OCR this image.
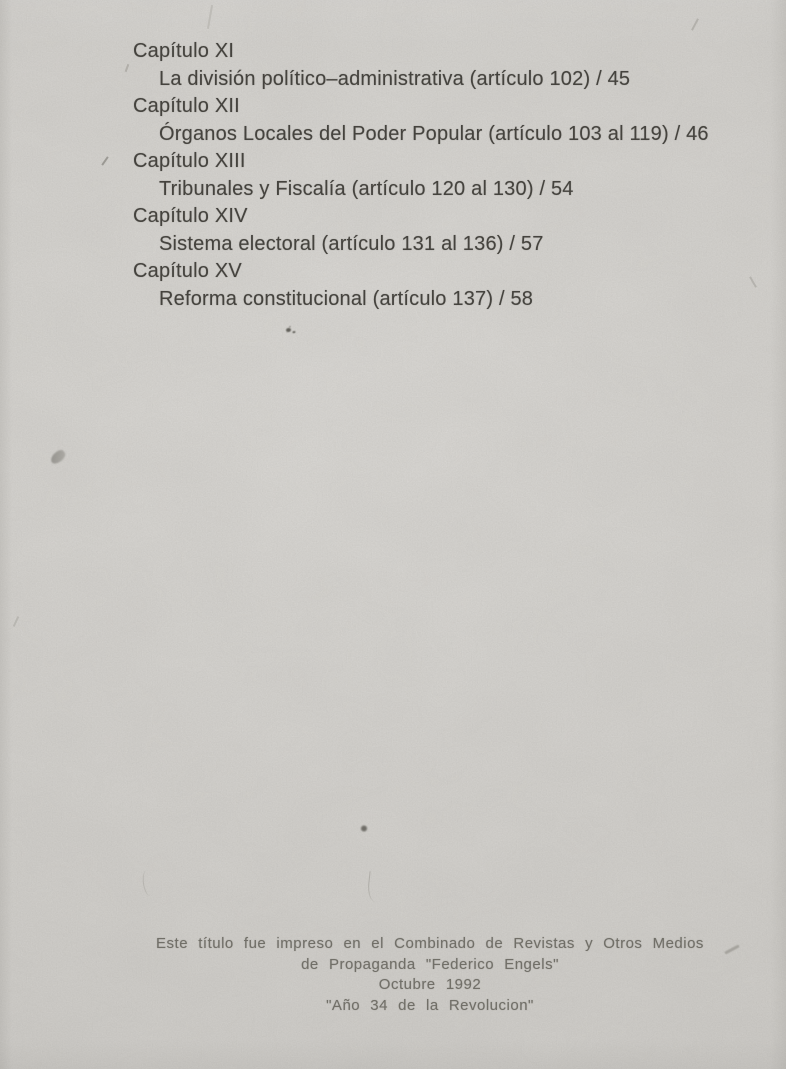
Capítulo XI
La división político–administrativa (artículo 102) / 45
Capítulo XII
Órganos Locales del Poder Popular (artículo 103 al 119) / 46
Capítulo XIII
Tribunales y Fiscalía (artículo 120 al 130) / 54
Capítulo XIV
Sistema electoral (artículo 131 al 136) / 57
Capítulo XV
Reforma constitucional (artículo 137) / 58
Este título fue impreso en el Combinado de Revistas y Otros Medios
de Propaganda "Federico Engels"
Octubre 1992
"Año 34 de la Revolucion"
